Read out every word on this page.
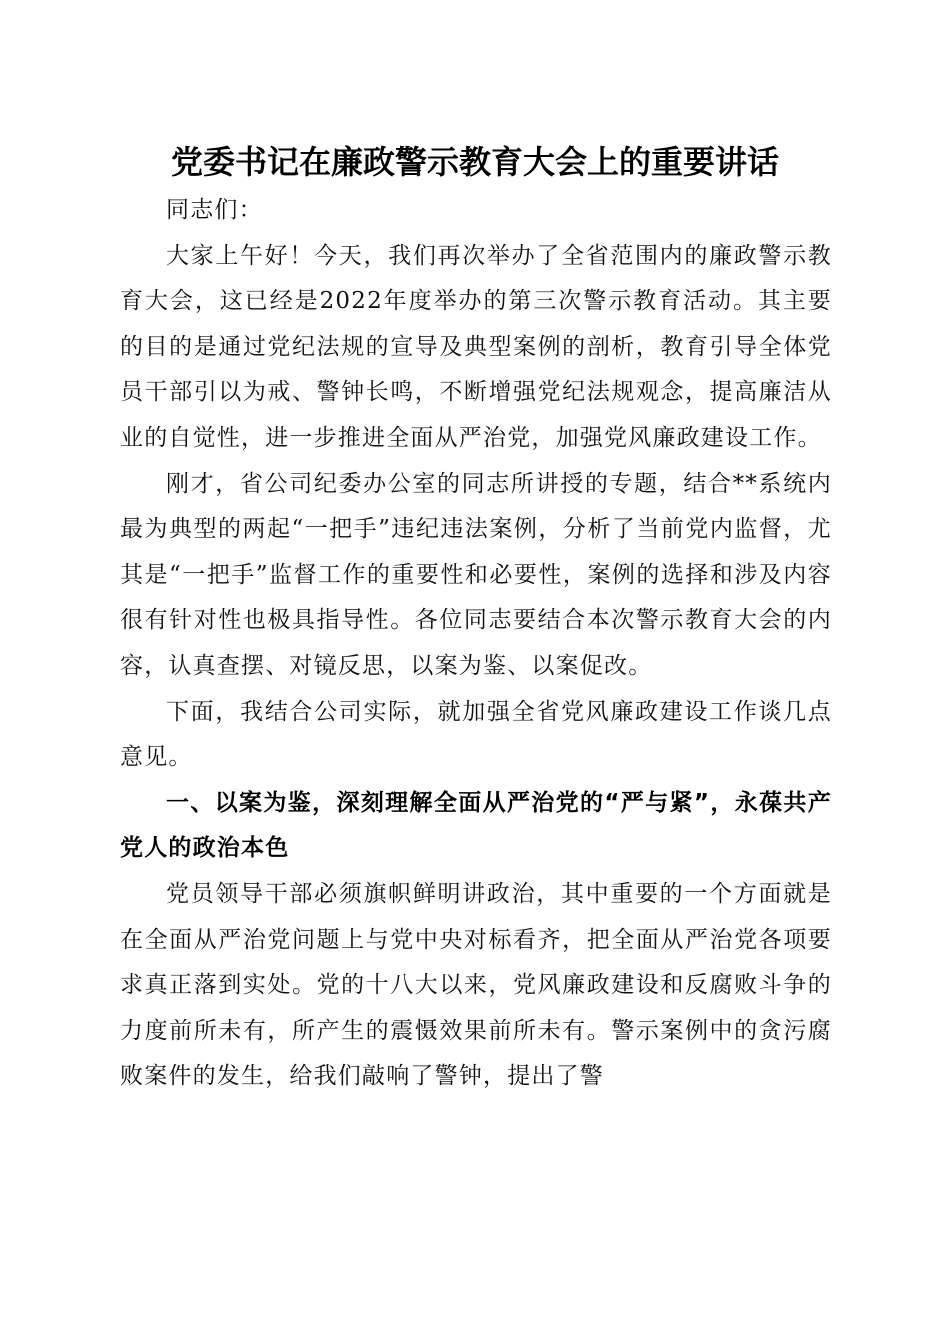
党委书记在廉政警示教育大会上的重要讲话

同志们：

大家上午好！今天，我们再次举办了全省范围内的廉政警示教育大会，这已经是2022年度举办的第三次警示教育活动。其主要的目的是通过党纪法规的宣导及典型案例的剖析，教育引导全体党员干部引以为戒、警钟长鸣，不断增强党纪法规观念，提高廉洁从业的自觉性，进一步推进全面从严治党，加强党风廉政建设工作。

刚才，省公司纪委办公室的同志所讲授的专题，结合**系统内最为典型的两起“一把手”违纪违法案例，分析了当前党内监督，尤其是“一把手”监督工作的重要性和必要性，案例的选择和涉及内容很有针对性也极具指导性。各位同志要结合本次警示教育大会的内容，认真查摆、对镜反思，以案为鉴、以案促改。

下面，我结合公司实际，就加强全省党风廉政建设工作谈几点意见。

一、以案为鉴，深刻理解全面从严治党的“严与紧”，永葆共产党人的政治本色

党员领导干部必须旗帜鲜明讲政治，其中重要的一个方面就是在全面从严治党问题上与党中央对标看齐，把全面从严治党各项要求真正落到实处。党的十八大以来，党风廉政建设和反腐败斗争的力度前所未有，所产生的震慑效果前所未有。警示案例中的贪污腐败案件的发生，给我们敲响了警钟，提出了警
